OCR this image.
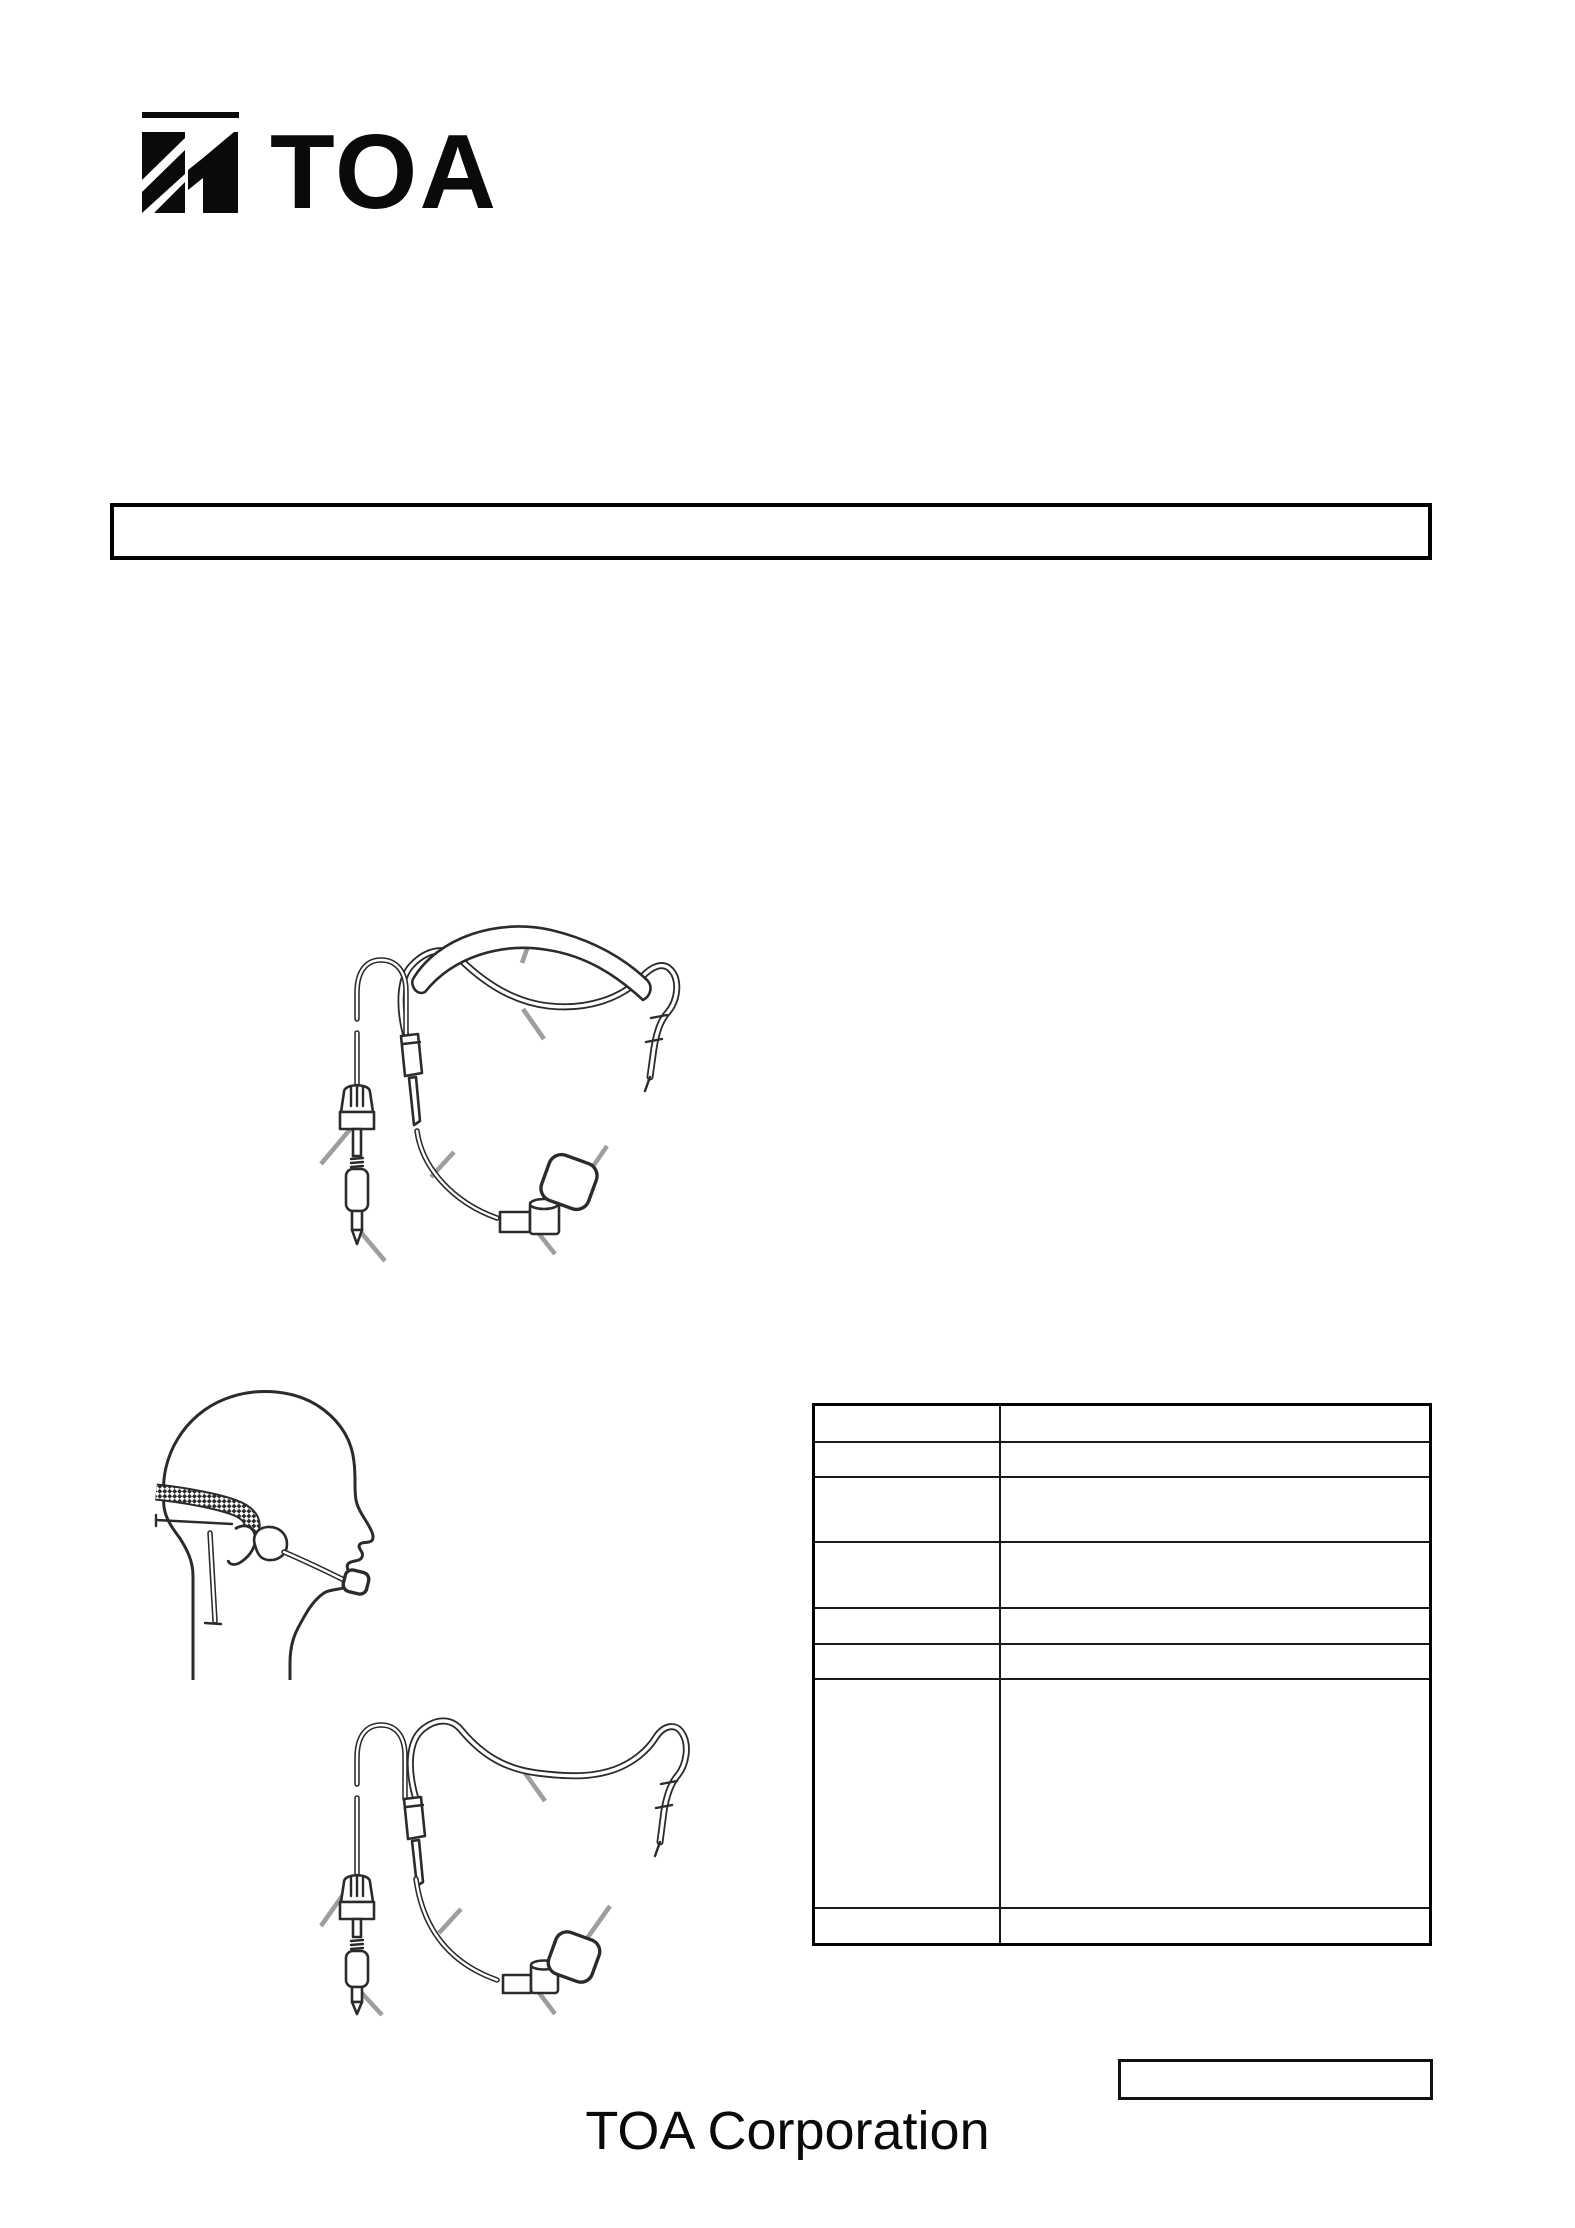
TOA

TOA Corporation
